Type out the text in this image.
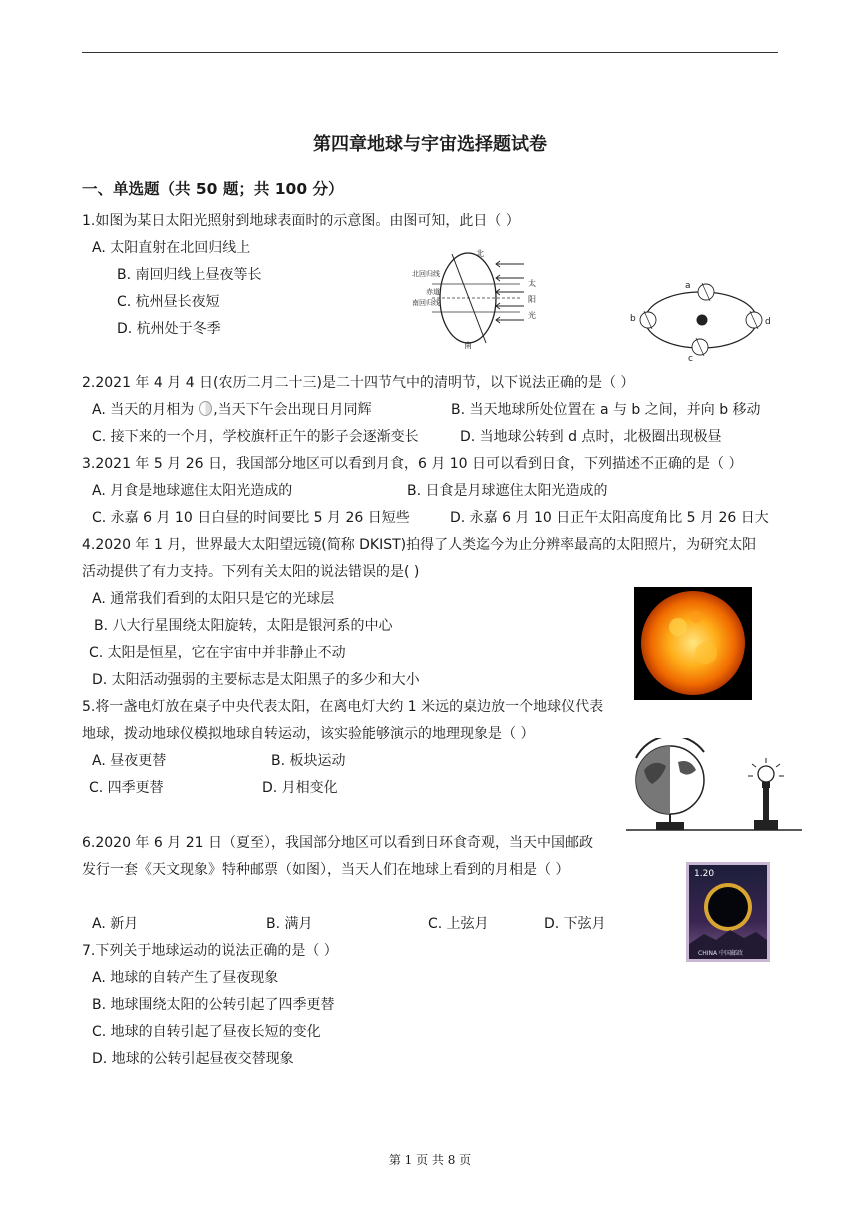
第四章地球与宇宙选择题试卷
一、单选题（共 50 题；共 100 分）
1.如图为某日太阳光照射到地球表面时的示意图。由图可知，此日（ ）
A. 太阳直射在北回归线上
B. 南回归线上昼夜等长
C. 杭州昼长夜短
D. 杭州处于冬季
北
南
北回归线
赤道
南回归线
太
阳
光
a
b
c
d
2.2021 年 4 月 4 日(农历二月二十三)是二十四节气中的清明节，以下说法正确的是（ ）
A. 当天的月相为 ,当天下午会出现日月同辉	B. 当天地球所处位置在 a 与 b 之间，并向 b 移动
C. 接下来的一个月，学校旗杆正午的影子会逐渐变长	D. 当地球公转到 d 点时，北极圈出现极昼
3.2021 年 5 月 26 日，我国部分地区可以看到月食，6 月 10 日可以看到日食，下列描述不正确的是（ ）
A. 月食是地球遮住太阳光造成的	B. 日食是月球遮住太阳光造成的
C. 永嘉 6 月 10 日白昼的时间要比 5 月 26 日短些	D. 永嘉 6 月 10 日正午太阳高度角比 5 月 26 日大
4.2020 年 1 月，世界最大太阳望远镜(简称 DKIST)拍得了人类迄今为止分辨率最高的太阳照片，为研究太阳
活动提供了有力支持。下列有关太阳的说法错误的是( )
A. 通常我们看到的太阳只是它的光球层
B. 八大行星围绕太阳旋转，太阳是银河系的中心
C. 太阳是恒星，它在宇宙中并非静止不动
D. 太阳活动强弱的主要标志是太阳黑子的多少和大小
5.将一盏电灯放在桌子中央代表太阳，在离电灯大约 1 米远的桌边放一个地球仪代表
地球，拨动地球仪模拟地球自转运动，该实验能够演示的地理现象是（ ）
A. 昼夜更替	B. 板块运动
C. 四季更替	D. 月相变化
6.2020 年 6 月 21 日（夏至），我国部分地区可以看到日环食奇观，当天中国邮政
发行一套《天文现象》特种邮票（如图），当天人们在地球上看到的月相是（ ）
A. 新月	B. 满月	C. 上弦月	D. 下弦月
1.20
CHINA 中国邮政
7.下列关于地球运动的说法正确的是（ ）
A. 地球的自转产生了昼夜现象
B. 地球围绕太阳的公转引起了四季更替
C. 地球的自转引起了昼夜长短的变化
D. 地球的公转引起昼夜交替现象
第 1 页 共 8 页
